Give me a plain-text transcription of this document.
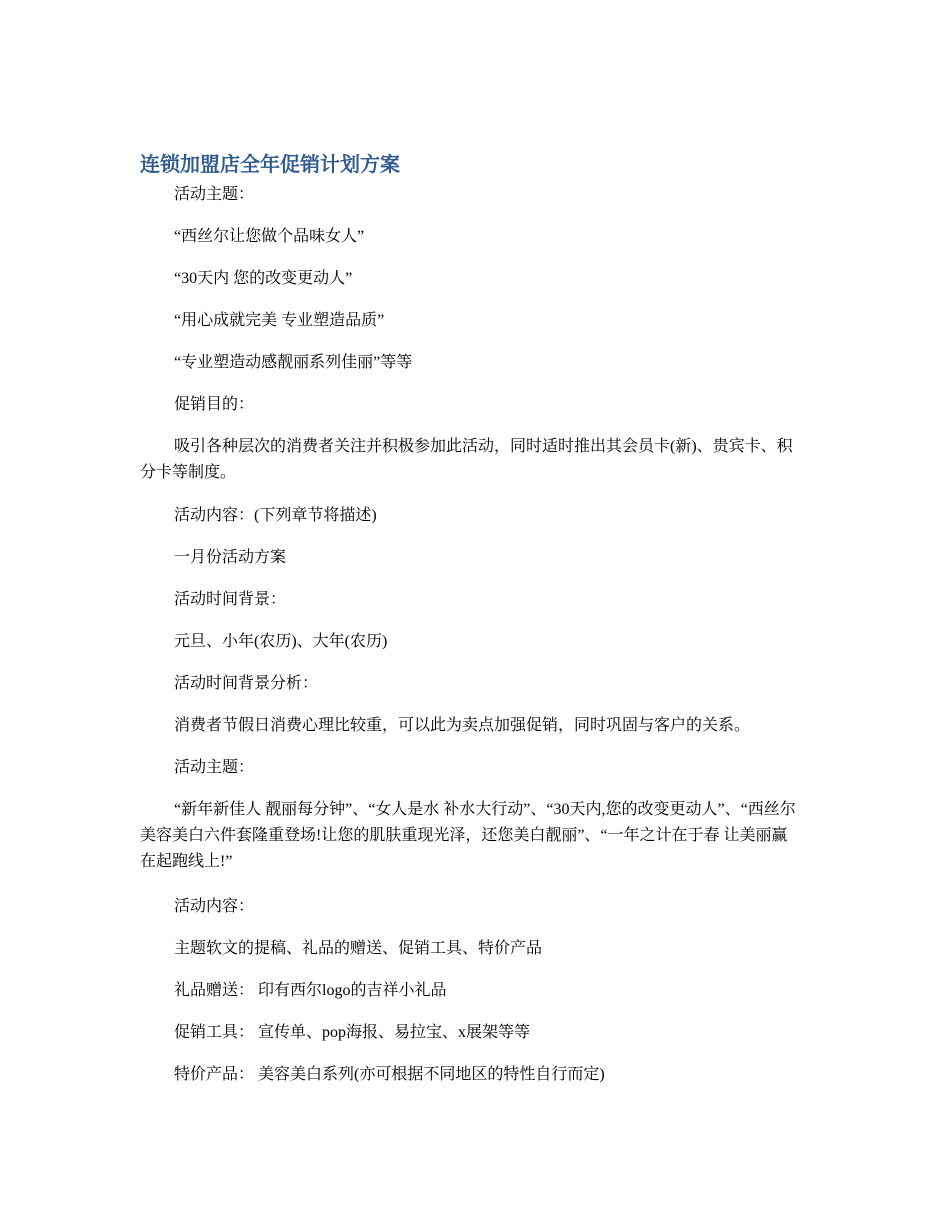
连锁加盟店全年促销计划方案

活动主题：

“西丝尔让您做个品味女人”

“30天内 您的改变更动人”

“用心成就完美 专业塑造品质”

“专业塑造动感靓丽系列佳丽”等等

促销目的：

吸引各种层次的消费者关注并积极参加此活动，同时适时推出其会员卡(新)、贵宾卡、积分卡等制度。

活动内容：(下列章节将描述)

一月份活动方案

活动时间背景：

元旦、小年(农历)、大年(农历)

活动时间背景分析：

消费者节假日消费心理比较重，可以此为卖点加强促销，同时巩固与客户的关系。

活动主题：

“新年新佳人 靓丽每分钟”、“女人是水 补水大行动”、“30天内,您的改变更动人”、“西丝尔美容美白六件套隆重登场!让您的肌肤重现光泽，还您美白靓丽”、“一年之计在于春 让美丽赢在起跑线上!”

活动内容：

主题软文的提稿、礼品的赠送、促销工具、特价产品

礼品赠送： 印有西尔logo的吉祥小礼品

促销工具： 宣传单、pop海报、易拉宝、x展架等等

特价产品： 美容美白系列(亦可根据不同地区的特性自行而定)
